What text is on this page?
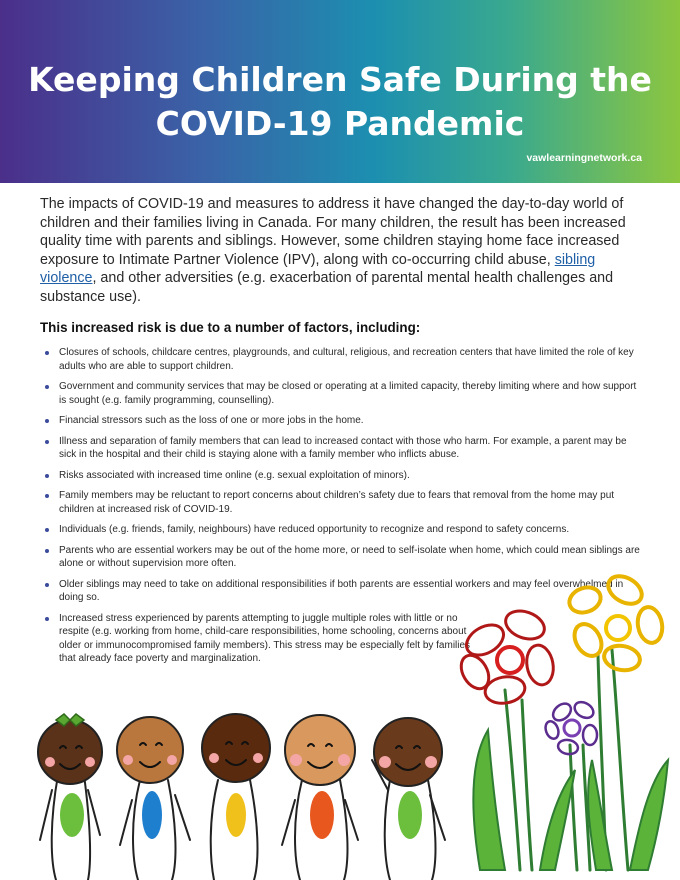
Keeping Children Safe During the COVID-19 Pandemic
vawlearningnetwork.ca

The impacts of COVID-19 and measures to address it have changed the day-to-day world of children and their families living in Canada. For many children, the result has been increased quality time with parents and siblings. However, some children staying home face increased exposure to Intimate Partner Violence (IPV), along with co-occurring child abuse, sibling violence, and other adversities (e.g. exacerbation of parental mental health challenges and substance use).

This increased risk is due to a number of factors, including:
Closures of schools, childcare centres, playgrounds, and cultural, religious, and recreation centers that have limited the role of key adults who are able to support children.
Government and community services that may be closed or operating at a limited capacity, thereby limiting where and how support is sought (e.g. family programming, counselling).
Financial stressors such as the loss of one or more jobs in the home.
Illness and separation of family members that can lead to increased contact with those who harm. For example, a parent may be sick in the hospital and their child is staying alone with a family member who inflicts abuse.
Risks associated with increased time online (e.g. sexual exploitation of minors).
Family members may be reluctant to report concerns about children’s safety due to fears that removal from the home may put children at increased risk of COVID-19.
Individuals (e.g. friends, family, neighbours) have reduced opportunity to recognize and respond to safety concerns.
Parents who are essential workers may be out of the home more, or need to self-isolate when home, which could mean siblings are alone or without supervision more often.
Older siblings may need to take on additional responsibilities if both parents are essential workers and may feel overwhelmed in doing so.
Increased stress experienced by parents attempting to juggle multiple roles with little or no respite (e.g. working from home, child-care responsibilities, home schooling, concerns about older or immunocompromised family members). This stress may be especially felt by families that already face poverty and marginalization.
